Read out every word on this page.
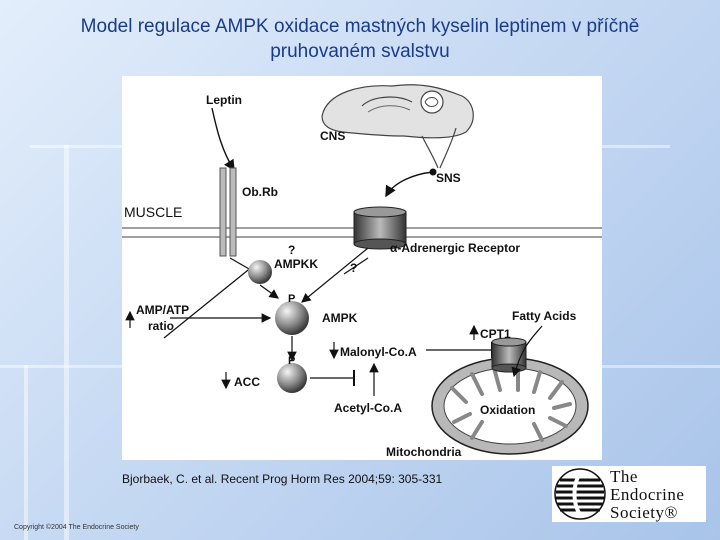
Model regulace AMPK oxidace mastných kyselin leptinem v příčně
pruhovaném svalstvu
Leptin
CNS
SNS
Ob.Rb
MUSCLE
α-Adrenergic Receptor
?
AMPKK	?
P
AMP/ATP
ratio
AMPK	Fatty Acids
CPT1
Malonyl-Co.A
P
ACC
Acetyl-Co.A	Oxidation
Mitochondria
Bjorbaek, C. et al. Recent Prog Horm Res 2004;59: 305-331	The
Endocrine
Society®
Copyright ©2004 The Endocrine Society
